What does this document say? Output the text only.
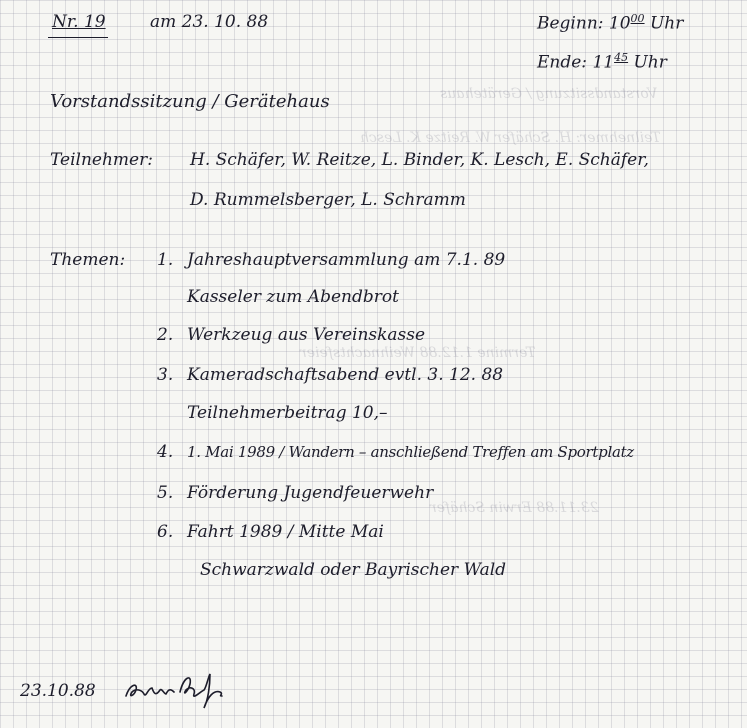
Vorstandssitzung / Gerätehaus
Teilnehmer: H. Schäfer W. Reitze K. Lesch
Termine 1.12.88 Weihnachtsfeier
23.11.88 Erwin Schäfer
Nr. 19	am 23. 10. 88	Beginn: $10^{00}$ Uhr
Ende: $11^{45}$ Uhr
Vorstandssitzung / Gerätehaus
Teilnehmer: H. Schäfer, W. Reitze, L. Binder, K. Lesch, E. Schäfer,
D. Rummelsberger, L. Schramm
Themen: 1. Jahreshauptversammlung am 7.1. 89
Kasseler zum Abendbrot
2. Werkzeug aus Vereinskasse
3. Kameradschaftsabend evtl. 3. 12. 88
Teilnehmerbeitrag 10,–
4. 1. Mai 1989 / Wandern – anschließend Treffen am Sportplatz
5. Förderung Jugendfeuerwehr
6. Fahrt 1989 / Mitte Mai
Schwarzwald oder Bayrischer Wald
23.10.88
